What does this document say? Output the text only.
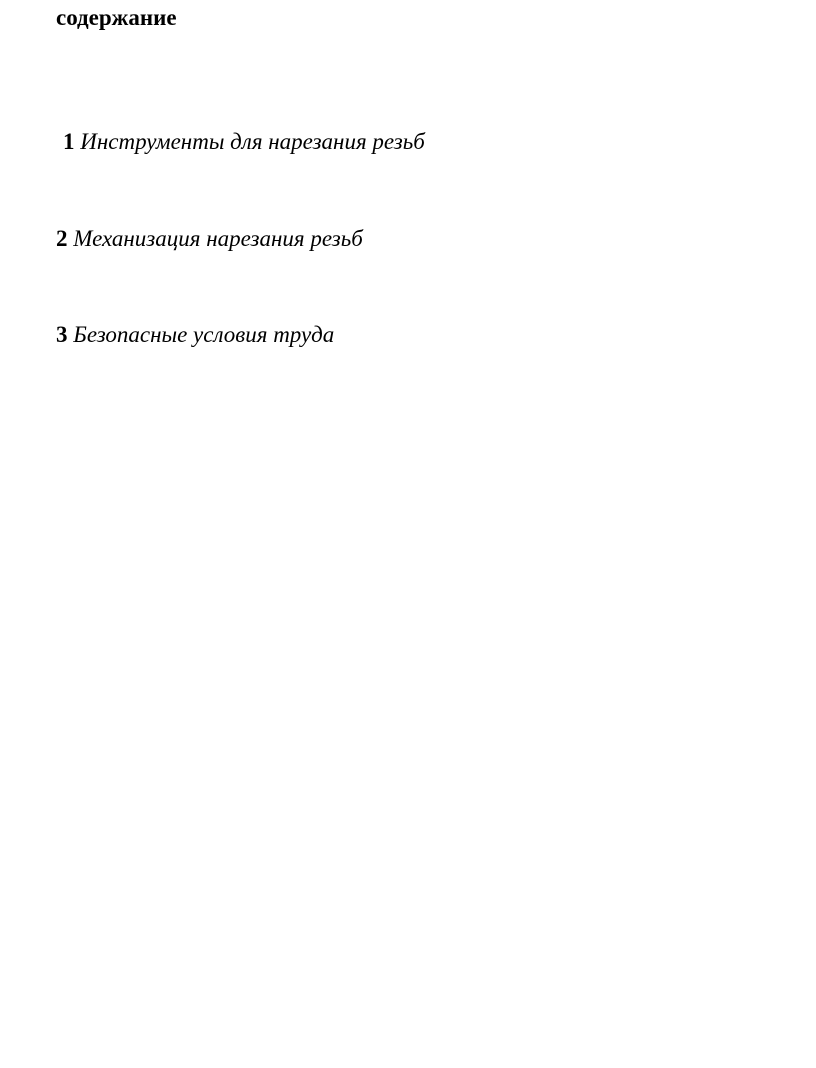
содержание

1 Инструменты для нарезания резьб

2 Механизация нарезания резьб

3 Безопасные условия труда
